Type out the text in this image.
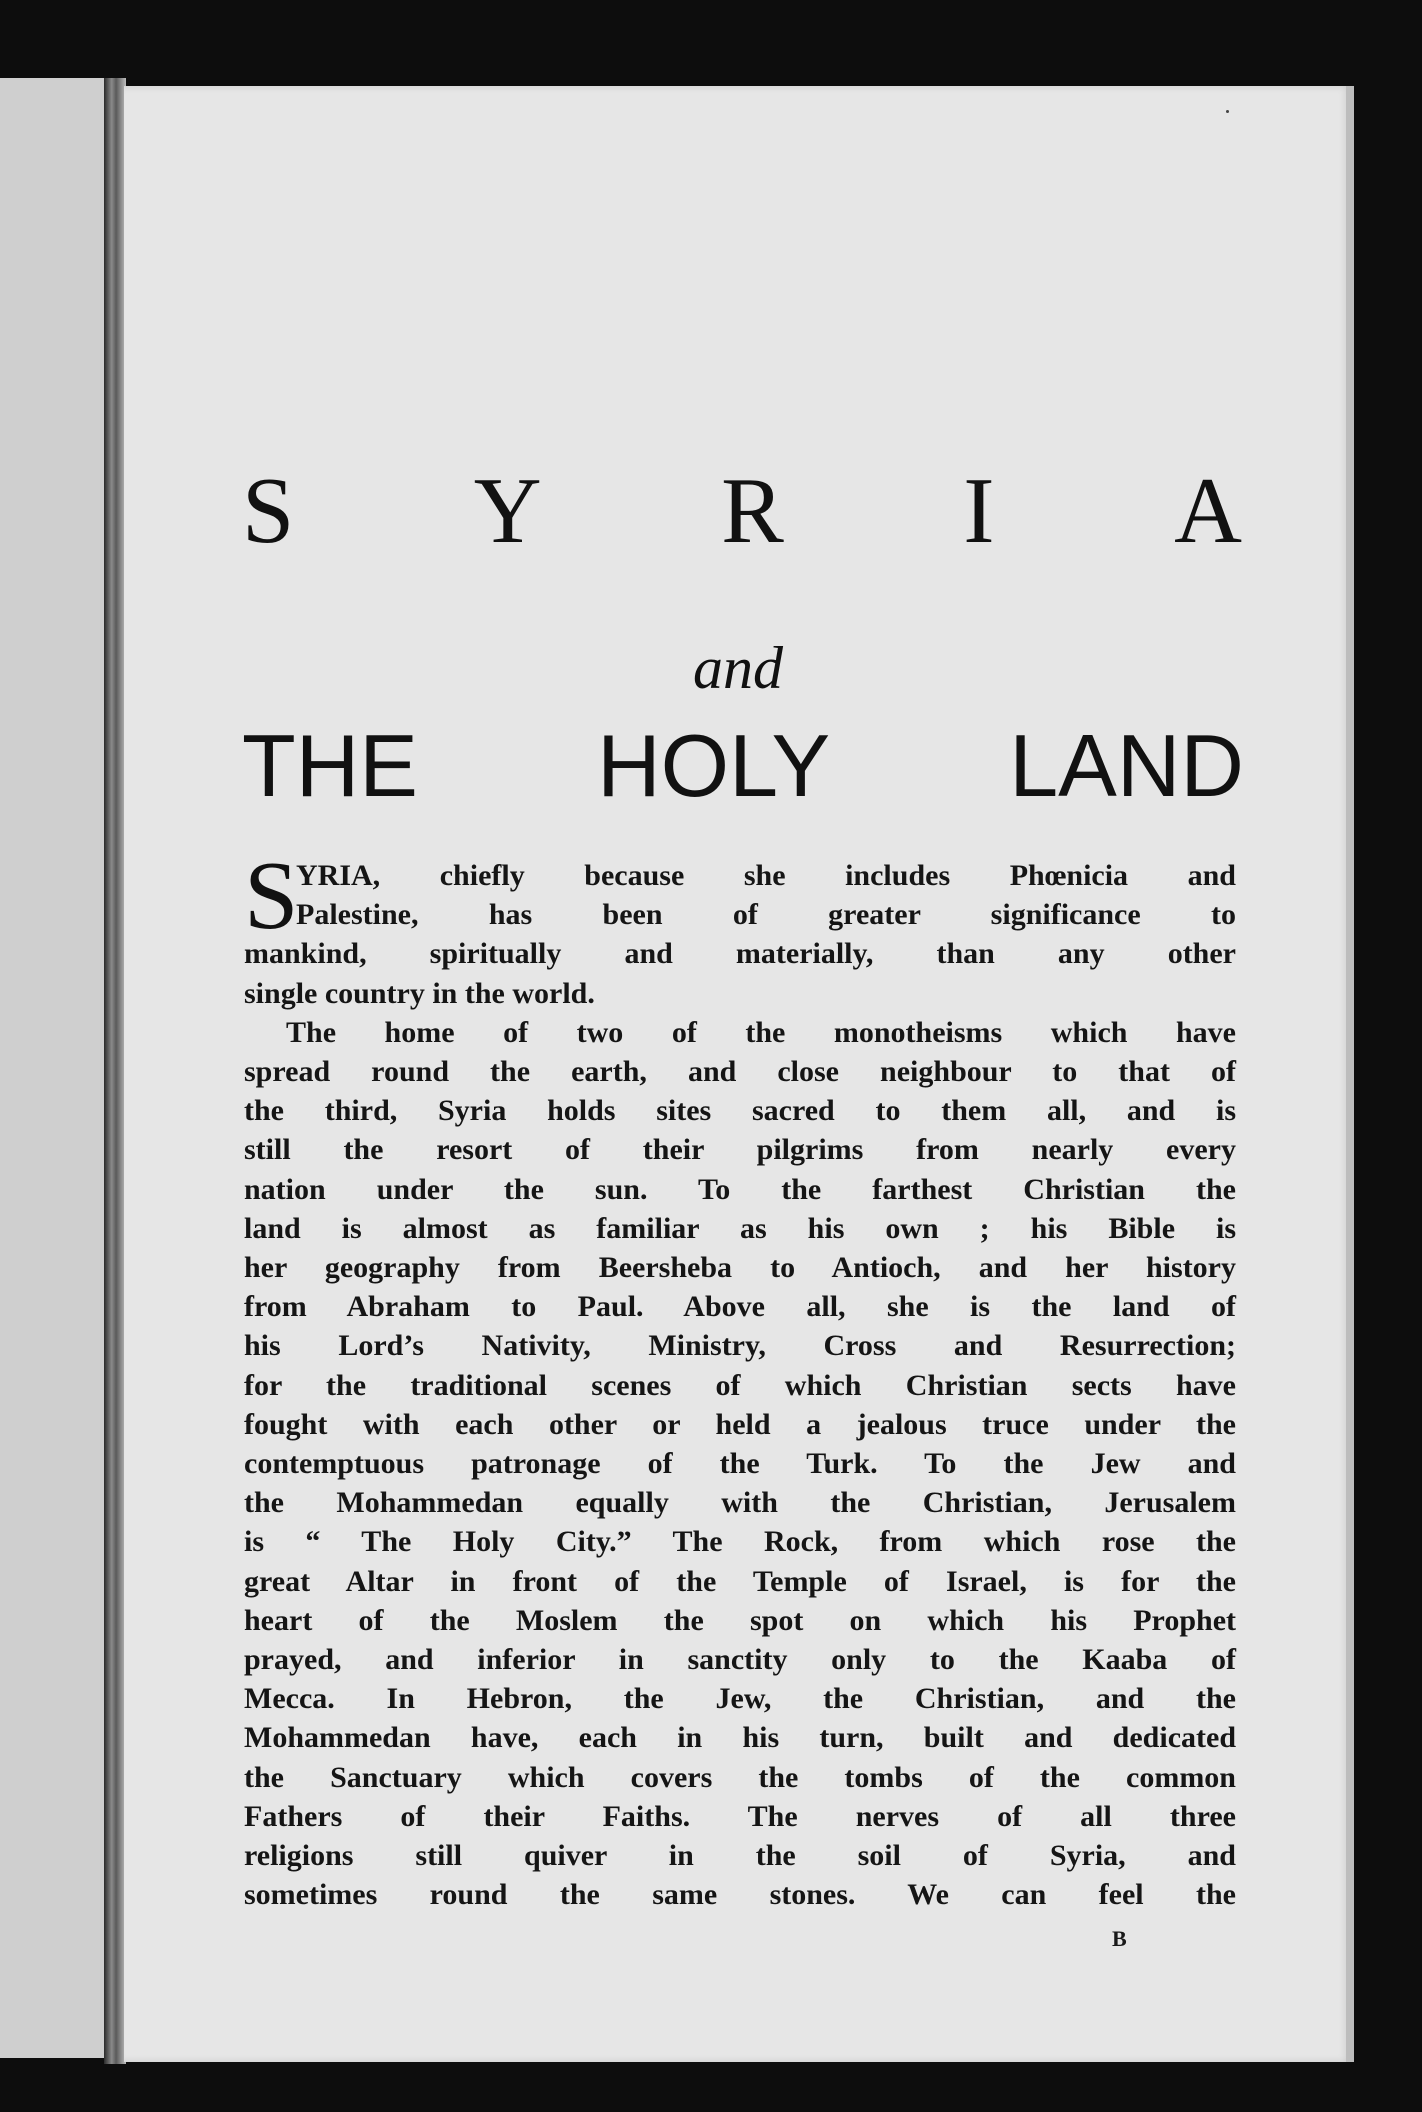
S Y R I A
and
THE HOLY LAND
S
YRIA, chiefly because she includes Phœnicia and
Palestine, has been of greater significance to
mankind, spiritually and materially, than any other
single country in the world.
The home of two of the monotheisms which have
spread round the earth, and close neighbour to that of
the third, Syria holds sites sacred to them all, and is
still the resort of their pilgrims from nearly every
nation under the sun. To the farthest Christian the
land is almost as familiar as his own ; his Bible is
her geography from Beersheba to Antioch, and her history
from Abraham to Paul. Above all, she is the land of
his Lord’s Nativity, Ministry, Cross and Resurrection;
for the traditional scenes of which Christian sects have
fought with each other or held a jealous truce under the
contemptuous patronage of the Turk. To the Jew and
the Mohammedan equally with the Christian, Jerusalem
is “ The Holy City.” The Rock, from which rose the
great Altar in front of the Temple of Israel, is for the
heart of the Moslem the spot on which his Prophet
prayed, and inferior in sanctity only to the Kaaba of
Mecca. In Hebron, the Jew, the Christian, and the
Mohammedan have, each in his turn, built and dedicated
the Sanctuary which covers the tombs of the common
Fathers of their Faiths. The nerves of all three
religions still quiver in the soil of Syria, and
sometimes round the same stones. We can feel the
B
